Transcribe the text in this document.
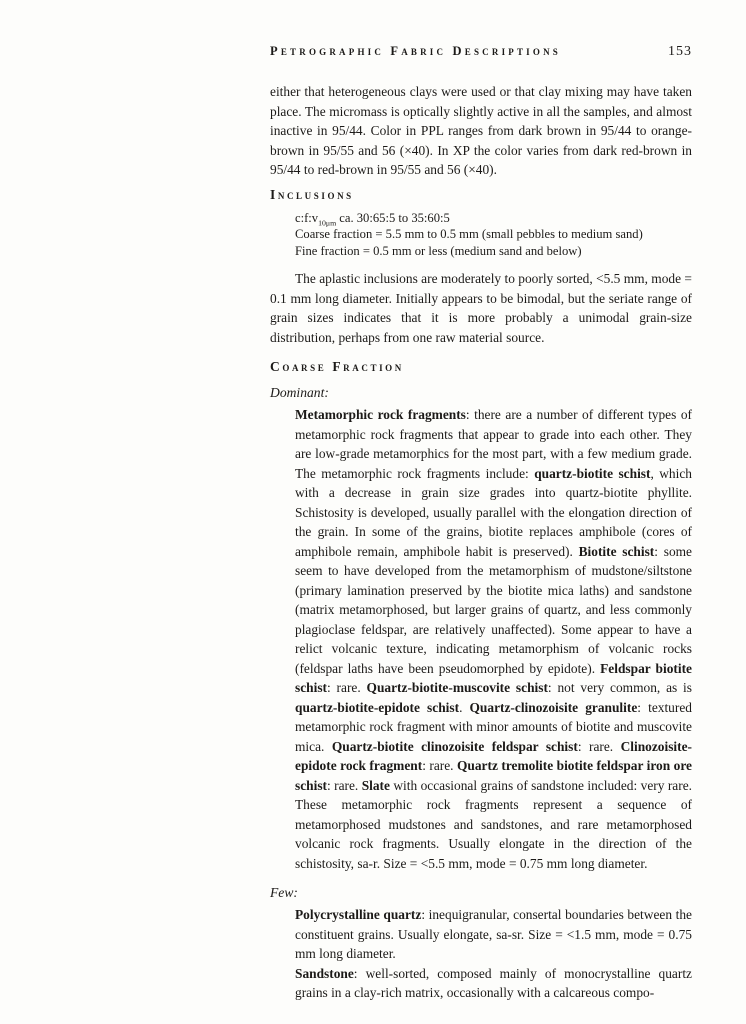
Petrographic Fabric Descriptions	153

either that heterogeneous clays were used or that clay mixing may have taken place. The micromass is optically slightly active in all the samples, and almost inactive in 95/44. Color in PPL ranges from dark brown in 95/44 to orange-brown in 95/55 and 56 (×40). In XP the color varies from dark red-brown in 95/44 to red-brown in 95/55 and 56 (×40).

Inclusions

$c:f:v_{10\mu m}$ ca. 30:65:5 to 35:60:5

Coarse fraction = 5.5 mm to 0.5 mm (small pebbles to medium sand)

Fine fraction = 0.5 mm or less (medium sand and below)

The aplastic inclusions are moderately to poorly sorted, <5.5 mm, mode = 0.1 mm long diameter. Initially appears to be bimodal, but the seriate range of grain sizes indicates that it is more probably a unimodal grain-size distribution, perhaps from one raw material source.

Coarse Fraction

Dominant:

Metamorphic rock fragments: there are a number of different types of metamorphic rock fragments that appear to grade into each other. They are low-grade metamorphics for the most part, with a few medium grade. The metamorphic rock fragments include: quartz-biotite schist, which with a decrease in grain size grades into quartz-biotite phyllite. Schistosity is developed, usually parallel with the elongation direction of the grain. In some of the grains, biotite replaces amphibole (cores of amphibole remain, amphibole habit is preserved). Biotite schist: some seem to have developed from the metamorphism of mudstone/siltstone (primary lamination preserved by the biotite mica laths) and sandstone (matrix metamorphosed, but larger grains of quartz, and less commonly plagioclase feldspar, are relatively unaffected). Some appear to have a relict volcanic texture, indicating metamorphism of volcanic rocks (feldspar laths have been pseudomorphed by epidote). Feldspar biotite schist: rare. Quartz-biotite-muscovite schist: not very common, as is quartz-biotite-epidote schist. Quartz-clinozoisite granulite: textured metamorphic rock fragment with minor amounts of biotite and muscovite mica. Quartz-biotite clinozoisite feldspar schist: rare. Clinozoisite-epidote rock fragment: rare. Quartz tremolite biotite feldspar iron ore schist: rare. Slate with occasional grains of sandstone included: very rare. These metamorphic rock fragments represent a sequence of metamorphosed mudstones and sandstones, and rare metamorphosed volcanic rock fragments. Usually elongate in the direction of the schistosity, sa-r. Size = <5.5 mm, mode = 0.75 mm long diameter.

Few:

Polycrystalline quartz: inequigranular, consertal boundaries between the constituent grains. Usually elongate, sa-sr. Size = <1.5 mm, mode = 0.75 mm long diameter.

Sandstone: well-sorted, composed mainly of monocrystalline quartz grains in a clay-rich matrix, occasionally with a calcareous compo-
